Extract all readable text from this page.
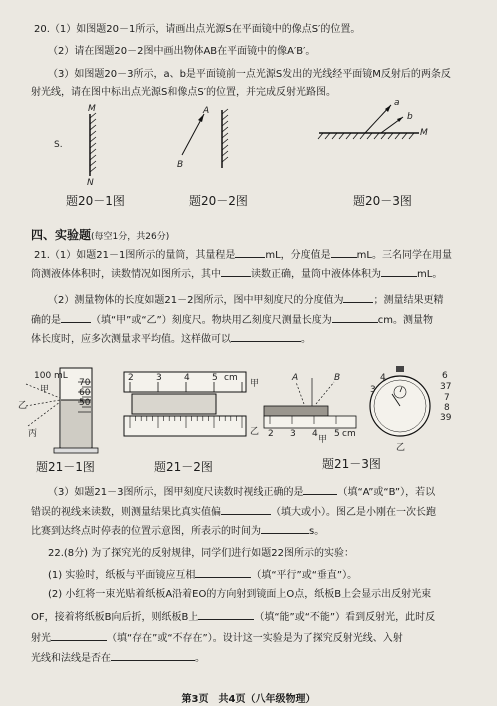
20.（1）如图题20－1所示，请画出点光源S在平面镜中的像点S′的位置。
（2）请在图题20－2图中画出物体AB在平面镜中的像A′B′。
（3）如图题20－3所示，a、b是平面镜前一点光源S发出的光线经平面镜M反射后的两条反
射光线，请在图中标出点光源S和像点S′的位置，并完成反射光路图。
M
N
S.
A
B
a
b
M
题20－1图	题20－2图	题20－3图
四、实验题(每空1分，共26分)
21.（1）如题21－1图所示的量筒，其量程是	mL，分度值是	mL。三名同学在用量
筒测液体体积时，读数情况如图所示，其中	读数正确，量筒中液体体积为	mL。
（2）测量物体的长度如题21－2图所示，图中甲刻度尺的分度值为	；测量结果更精
确的是	（填“甲”或“乙”）刻度尺。物块用乙刻度尺测量长度为	cm。测量物
体长度时，应多次测量求平均值。这样做可以	。
100 mL
70
60
50
甲
乙
丙
2 3 4 5 cm
甲
乙
A	B
2 3 4 5 cm
甲
6
37
7
8
39
4
3
乙
题21－1图	题21－2图	题21－3图
（3）如题21－3图所示，图甲刻度尺读数时视线正确的是	（填“A”或“B”），若以
错误的视线来读数，则测量结果比真实值偏	（填大或小）。图乙是小刚在一次长跑
比赛到达终点时停表的位置示意图，所表示的时间为	s。
22.(8分) 为了探究光的反射规律，同学们进行如题22图所示的实验：
(1) 实验时，纸板与平面镜应互相	（填“平行”或“垂直”）。
(2) 小红将一束光贴着纸板A沿着EO的方向射到镜面上O点，纸板B上会显示出反射光束
OF，接着将纸板B向后折，则纸板B上	（填“能”或“不能”）看到反射光，此时反
射光	（填“存在”或“不存在”）。设计这一实验是为了探究反射光线、入射
光线和法线是否在	。
第3页　共4页（八年级物理）
